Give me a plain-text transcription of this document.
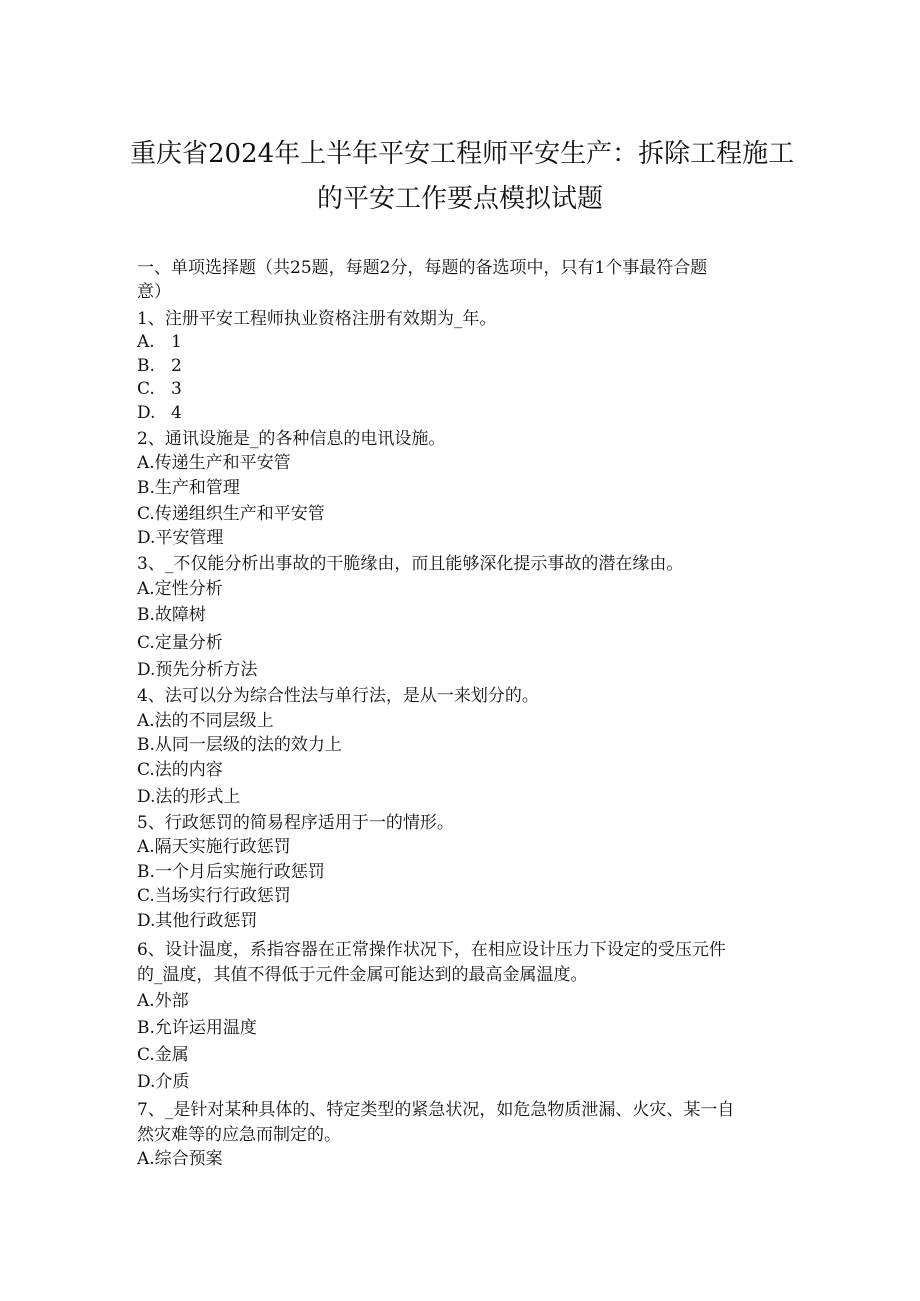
重庆省2024年上半年平安工程师平安生产：拆除工程施工
的平安工作要点模拟试题
一、单项选择题（共25题，每题2分，每题的备选项中，只有1个事最符合题
意）
1、注册平安工程师执业资格注册有效期为_年。
A. 1
B. 2
C. 3
D. 4
2、通讯设施是_的各种信息的电讯设施。
A.传递生产和平安管
B.生产和管理
C.传递组织生产和平安管
D.平安管理
3、_不仅能分析出事故的干脆缘由，而且能够深化提示事故的潜在缘由。
A.定性分析
B.故障树
C.定量分析
D.预先分析方法
4、法可以分为综合性法与单行法，是从一来划分的。
A.法的不同层级上
B.从同一层级的法的效力上
C.法的内容
D.法的形式上
5、行政惩罚的简易程序适用于一的情形。
A.隔天实施行政惩罚
B.一个月后实施行政惩罚
C.当场实行行政惩罚
D.其他行政惩罚
6、设计温度，系指容器在正常操作状况下，在相应设计压力下设定的受压元件
的_温度，其值不得低于元件金属可能达到的最高金属温度。
A.外部
B.允许运用温度
C.金属
D.介质
7、_是针对某种具体的、特定类型的紧急状况，如危急物质泄漏、火灾、某一自
然灾难等的应急而制定的。
A.综合预案
